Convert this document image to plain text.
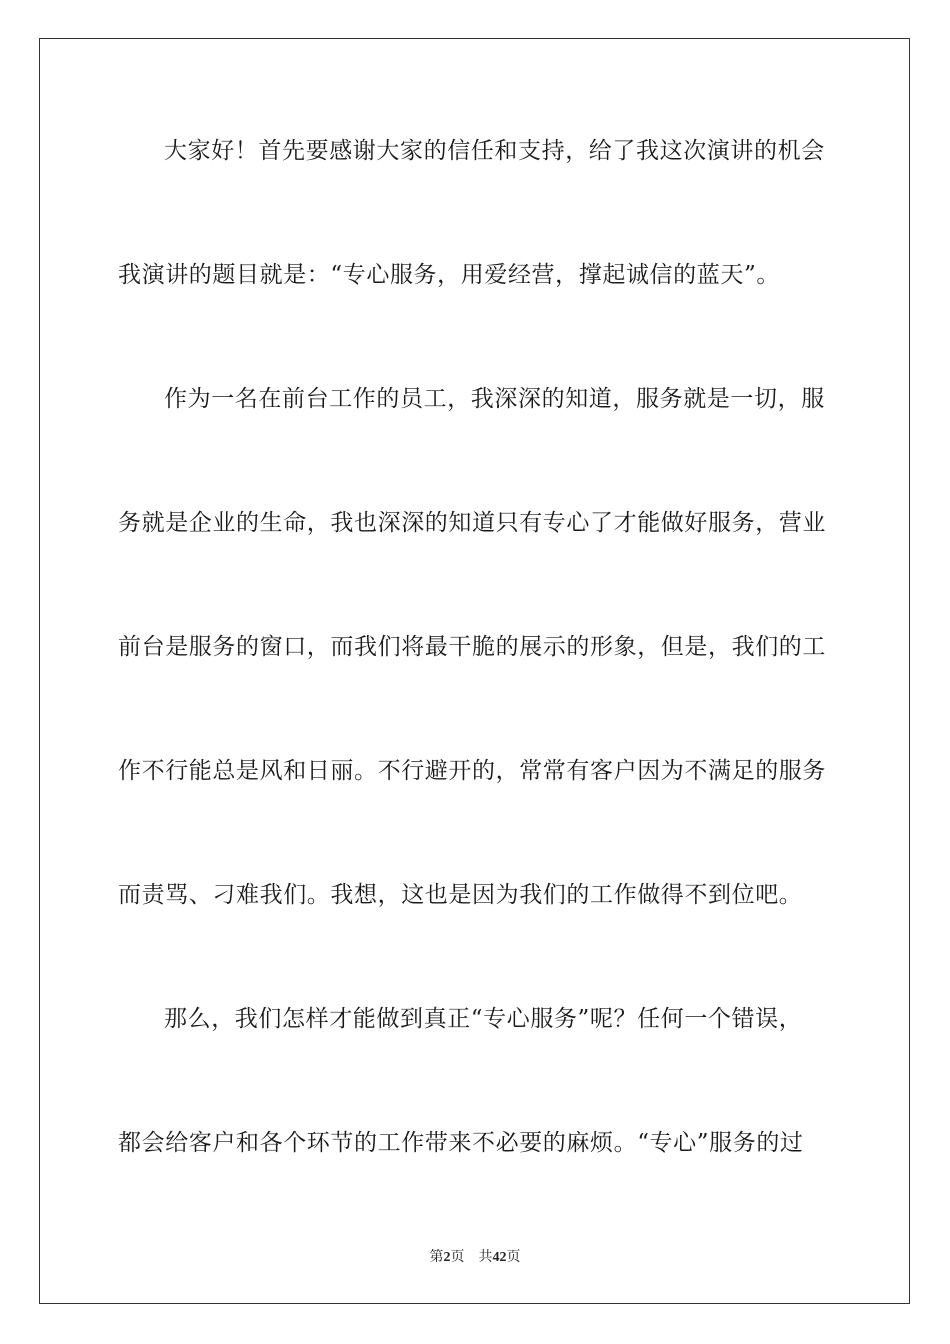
大家好！首先要感谢大家的信任和支持，给了我这次演讲的机会
我演讲的题目就是：“专心服务，用爱经营，撑起诚信的蓝天”。
作为一名在前台工作的员工，我深深的知道，服务就是一切，服
务就是企业的生命，我也深深的知道只有专心了才能做好服务，营业
前台是服务的窗口，而我们将最干脆的展示的形象，但是，我们的工
作不行能总是风和日丽。不行避开的，常常有客户因为不满足的服务
而责骂、刁难我们。我想，这也是因为我们的工作做得不到位吧。
那么，我们怎样才能做到真正“专心服务”呢？任何一个错误，
都会给客户和各个环节的工作带来不必要的麻烦。“专心”服务的过
第2页 共42页
